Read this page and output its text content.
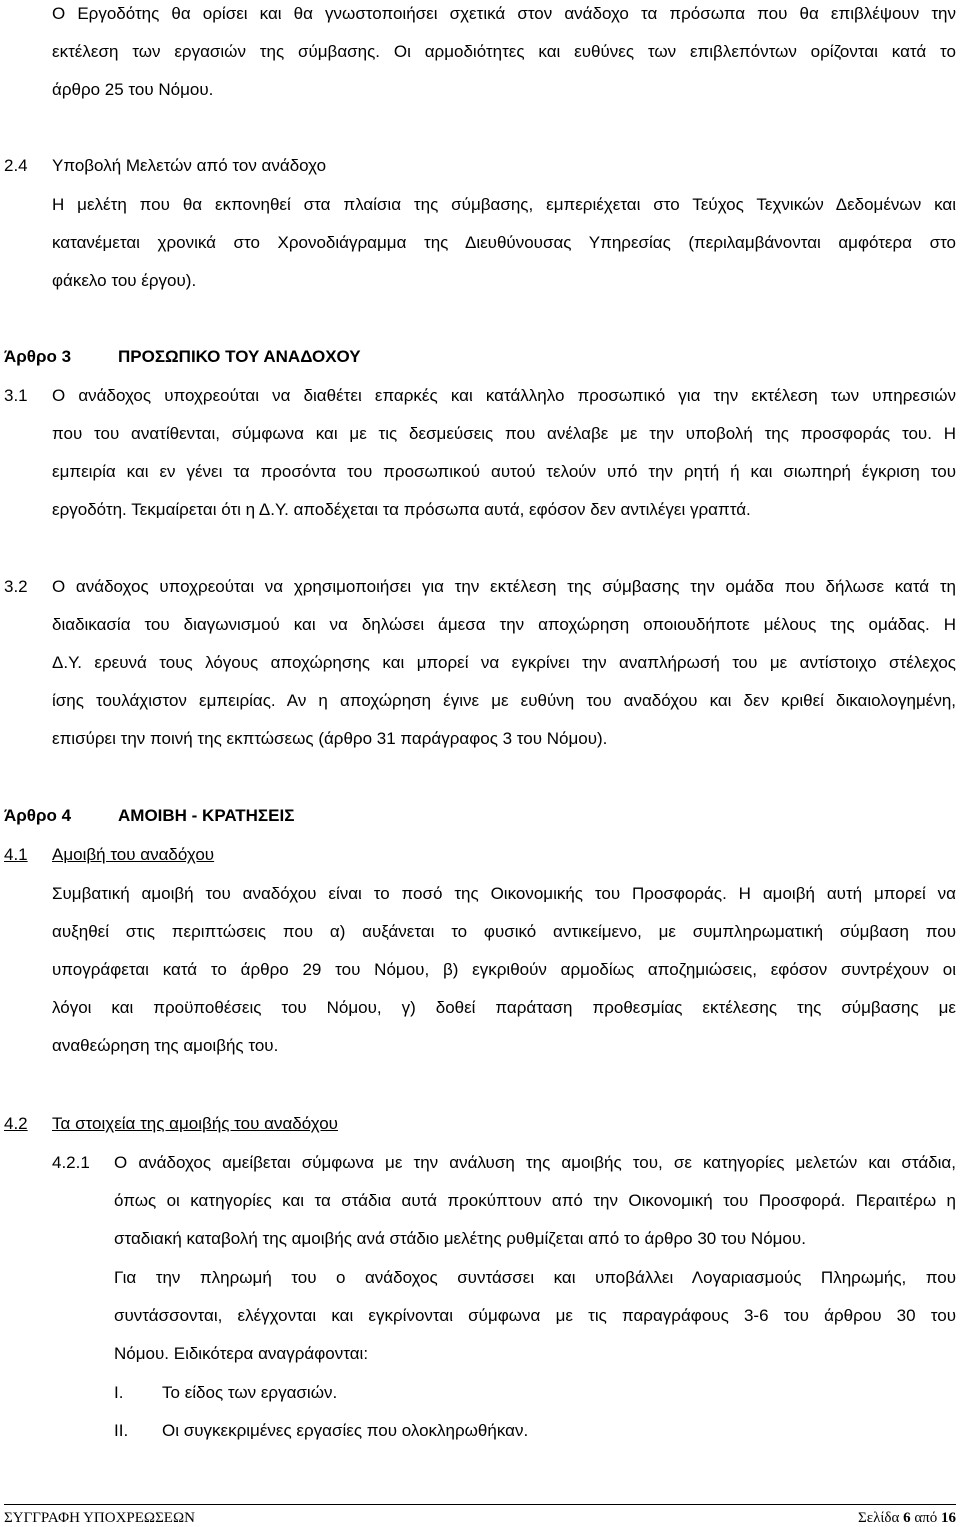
Ο Εργοδότης θα ορίσει και θα γνωστοποιήσει σχετικά στον ανάδοχο τα πρόσωπα που θα επιβλέψουν την
εκτέλεση των εργασιών της σύμβασης. Οι αρμοδιότητες και ευθύνες των επιβλεπόντων ορίζονται κατά το
άρθρο 25 του Νόμου.
2.4 Υποβολή Μελετών από τον ανάδοχο
Η μελέτη που θα εκπονηθεί στα πλαίσια της σύμβασης, εμπεριέχεται στο Τεύχος Τεχνικών Δεδομένων και
κατανέμεται χρονικά στο Χρονοδιάγραμμα της Διευθύνουσας Υπηρεσίας (περιλαμβάνονται αμφότερα στο
φάκελο του έργου).
Άρθρο 3	ΠΡΟΣΩΠΙΚΟ ΤΟΥ ΑΝΑΔΟΧΟΥ
3.1 Ο ανάδοχος υποχρεούται να διαθέτει επαρκές και κατάλληλο προσωπικό για την εκτέλεση των υπηρεσιών
που του ανατίθενται, σύμφωνα και με τις δεσμεύσεις που ανέλαβε με την υποβολή της προσφοράς του. Η
εμπειρία και εν γένει τα προσόντα του προσωπικού αυτού τελούν υπό την ρητή ή και σιωπηρή έγκριση του
εργοδότη. Τεκμαίρεται ότι η Δ.Υ. αποδέχεται τα πρόσωπα αυτά, εφόσον δεν αντιλέγει γραπτά.
3.2 Ο ανάδοχος υποχρεούται να χρησιμοποιήσει για την εκτέλεση της σύμβασης την ομάδα που δήλωσε κατά τη
διαδικασία του διαγωνισμού και να δηλώσει άμεσα την αποχώρηση οποιουδήποτε μέλους της ομάδας. Η
Δ.Υ. ερευνά τους λόγους αποχώρησης και μπορεί να εγκρίνει την αναπλήρωσή του με αντίστοιχο στέλεχος
ίσης τουλάχιστον εμπειρίας. Αν η αποχώρηση έγινε με ευθύνη του αναδόχου και δεν κριθεί δικαιολογημένη,
επισύρει την ποινή της εκπτώσεως (άρθρο 31 παράγραφος 3 του Νόμου).
Άρθρο 4	ΑΜΟΙΒΗ - ΚΡΑΤΗΣΕΙΣ
4.1 Αμοιβή του αναδόχου
Συμβατική αμοιβή του αναδόχου είναι το ποσό της Οικονομικής του Προσφοράς. Η αμοιβή αυτή μπορεί να
αυξηθεί στις περιπτώσεις που α) αυξάνεται το φυσικό αντικείμενο, με συμπληρωματική σύμβαση που
υπογράφεται κατά το άρθρο 29 του Νόμου, β) εγκριθούν αρμοδίως αποζημιώσεις, εφόσον συντρέχουν οι
λόγοι και προϋποθέσεις του Νόμου, γ) δοθεί παράταση προθεσμίας εκτέλεσης της σύμβασης με
αναθεώρηση της αμοιβής του.
4.2 Τα στοιχεία της αμοιβής του αναδόχου
4.2.1 Ο ανάδοχος αμείβεται σύμφωνα με την ανάλυση της αμοιβής του, σε κατηγορίες μελετών και στάδια,
όπως οι κατηγορίες και τα στάδια αυτά προκύπτουν από την Οικονομική του Προσφορά. Περαιτέρω η
σταδιακή καταβολή της αμοιβής ανά στάδιο μελέτης ρυθμίζεται από το άρθρο 30 του Νόμου.
Για την πληρωμή του ο ανάδοχος συντάσσει και υποβάλλει Λογαριασμούς Πληρωμής, που
συντάσσονται, ελέγχονται και εγκρίνονται σύμφωνα με τις παραγράφους 3-6 του άρθρου 30 του
Νόμου. Ειδικότερα αναγράφονται:
I. Το είδος των εργασιών.
II. Οι συγκεκριμένες εργασίες που ολοκληρωθήκαν.
ΣΥΓΓΡΑΦΗ ΥΠΟΧΡΕΩΣΕΩΝ	Σελίδα 6 από 16
